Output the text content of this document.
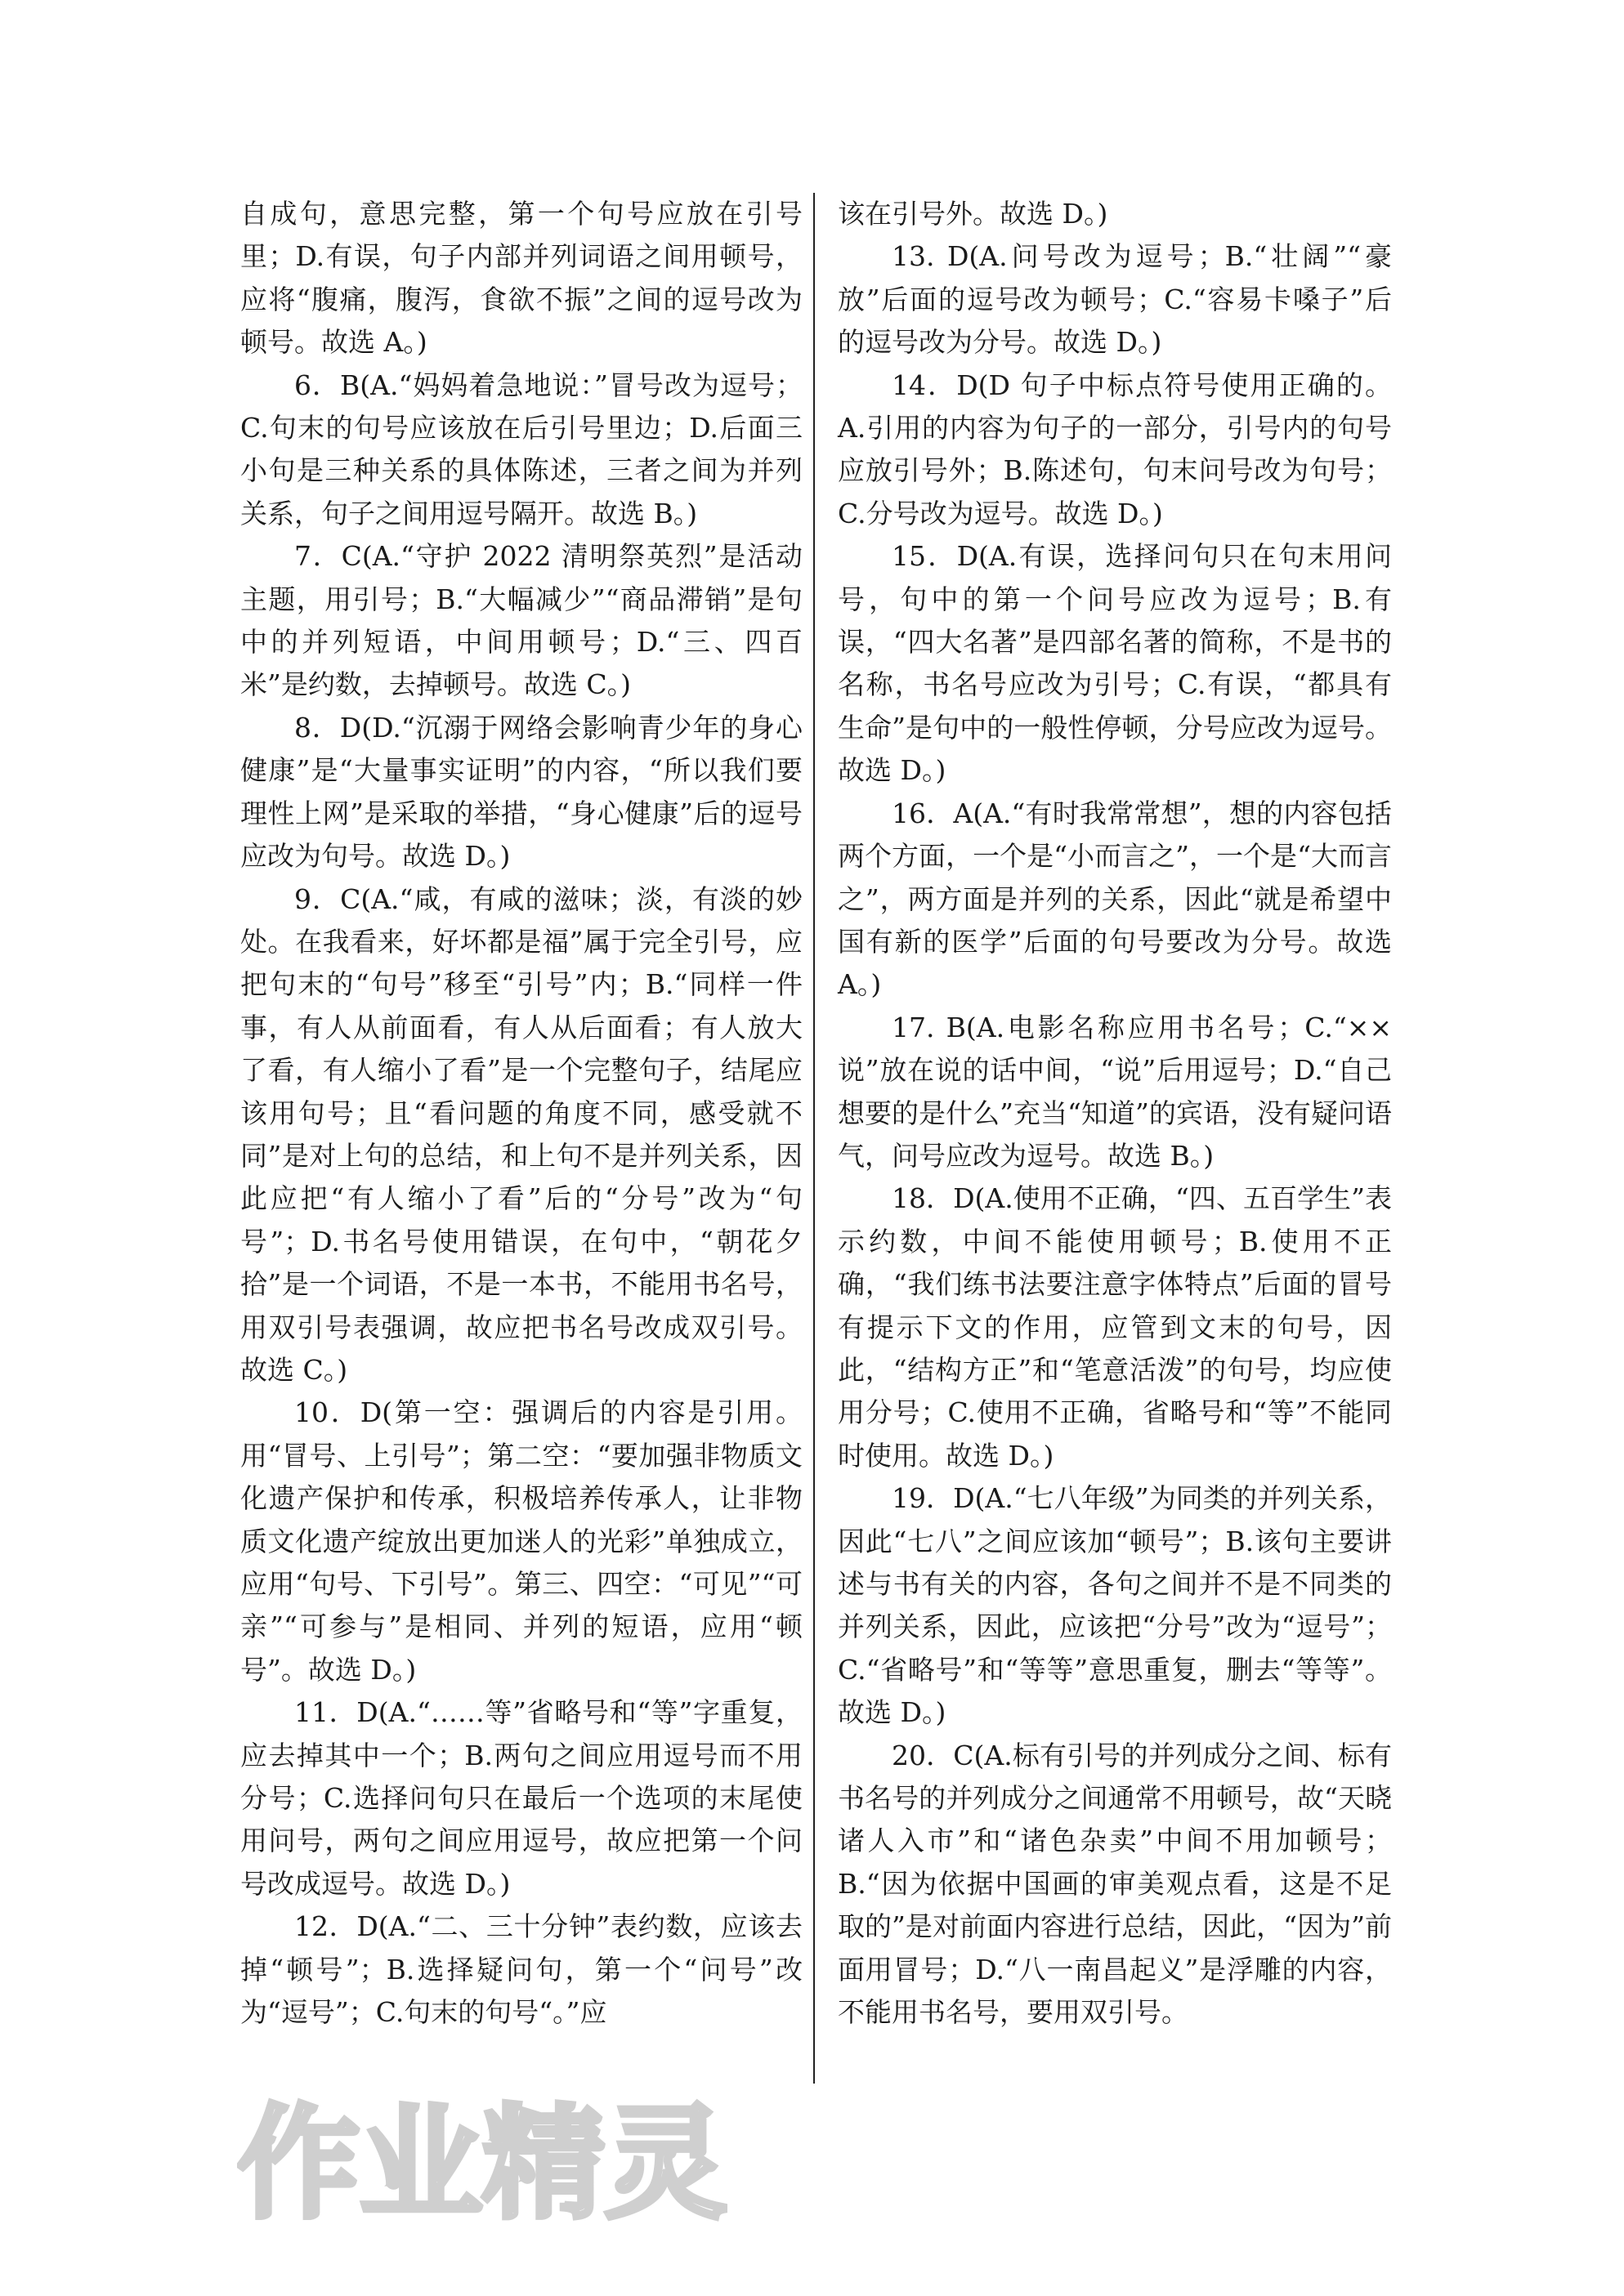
自成句，意思完整，第一个句号应放在引号里；D.有误，句子内部并列词语之间用顿号，应将“腹痛，腹泻，食欲不振”之间的逗号改为顿号。故选 A。)

6．B(A.“妈妈着急地说：”冒号改为逗号；C.句末的句号应该放在后引号里边；D.后面三小句是三种关系的具体陈述，三者之间为并列关系，句子之间用逗号隔开。故选 B。)

7．C(A.“守护 2022 清明祭英烈”是活动主题，用引号；B.“大幅减少”“商品滞销”是句中的并列短语，中间用顿号；D.“三、四百米”是约数，去掉顿号。故选 C。)

8．D(D.“沉溺于网络会影响青少年的身心健康”是“大量事实证明”的内容，“所以我们要理性上网”是采取的举措，“身心健康”后的逗号应改为句号。故选 D。)

9．C(A.“咸，有咸的滋味；淡，有淡的妙处。在我看来，好坏都是福”属于完全引号，应把句末的“句号”移至“引号”内；B.“同样一件事，有人从前面看，有人从后面看；有人放大了看，有人缩小了看”是一个完整句子，结尾应该用句号；且“看问题的角度不同，感受就不同”是对上句的总结，和上句不是并列关系，因此应把“有人缩小了看”后的“分号”改为“句号”；D.书名号使用错误，在句中，“朝花夕拾”是一个词语，不是一本书，不能用书名号，用双引号表强调，故应把书名号改成双引号。故选 C。)

10．D(第一空：强调后的内容是引用。用“冒号、上引号”；第二空：“要加强非物质文化遗产保护和传承，积极培养传承人，让非物质文化遗产绽放出更加迷人的光彩”单独成立，应用“句号、下引号”。第三、四空：“可见”“可亲”“可参与”是相同、并列的短语，应用“顿号”。故选 D。)

11．D(A.“……等”省略号和“等”字重复，应去掉其中一个；B.两句之间应用逗号而不用分号；C.选择问句只在最后一个选项的末尾使用问号，两句之间应用逗号，故应把第一个问号改成逗号。故选 D。)

12．D(A.“二、三十分钟”表约数，应该去掉“顿号”；B.选择疑问句，第一个“问号”改为“逗号”；C.句末的句号“。”应

该在引号外。故选 D。)

13. D(A.问号改为逗号；B.“壮阔”“豪放”后面的逗号改为顿号；C.“容易卡嗓子”后的逗号改为分号。故选 D。)

14．D(D 句子中标点符号使用正确的。A.引用的内容为句子的一部分，引号内的句号应放引号外；B.陈述句，句末问号改为句号；C.分号改为逗号。故选 D。)

15．D(A.有误，选择问句只在句末用问号，句中的第一个问号应改为逗号；B.有误，“四大名著”是四部名著的简称，不是书的名称，书名号应改为引号；C.有误，“都具有生命”是句中的一般性停顿，分号应改为逗号。故选 D。)

16．A(A.“有时我常常想”，想的内容包括两个方面，一个是“小而言之”，一个是“大而言之”，两方面是并列的关系，因此“就是希望中国有新的医学”后面的句号要改为分号。故选 A。)

17. B(A.电影名称应用书名号；C.“××说”放在说的话中间，“说”后用逗号；D.“自己想要的是什么”充当“知道”的宾语，没有疑问语气，问号应改为逗号。故选 B。)

18．D(A.使用不正确，“四、五百学生”表示约数，中间不能使用顿号；B.使用不正确，“我们练书法要注意字体特点”后面的冒号有提示下文的作用，应管到文末的句号，因此，“结构方正”和“笔意活泼”的句号，均应使用分号；C.使用不正确，省略号和“等”不能同时使用。故选 D。)

19．D(A.“七八年级”为同类的并列关系，因此“七八”之间应该加“顿号”；B.该句主要讲述与书有关的内容，各句之间并不是不同类的并列关系，因此，应该把“分号”改为“逗号”；C.“省略号”和“等等”意思重复，删去“等等”。故选 D。)

20．C(A.标有引号的并列成分之间、标有书名号的并列成分之间通常不用顿号，故“天晓诸人入市”和“诸色杂卖”中间不用加顿号；B.“因为依据中国画的审美观点看，这是不足取的”是对前面内容进行总结，因此，“因为”前面用冒号；D.“八一南昌起义”是浮雕的内容，不能用书名号，要用双引号。

作业精灵
